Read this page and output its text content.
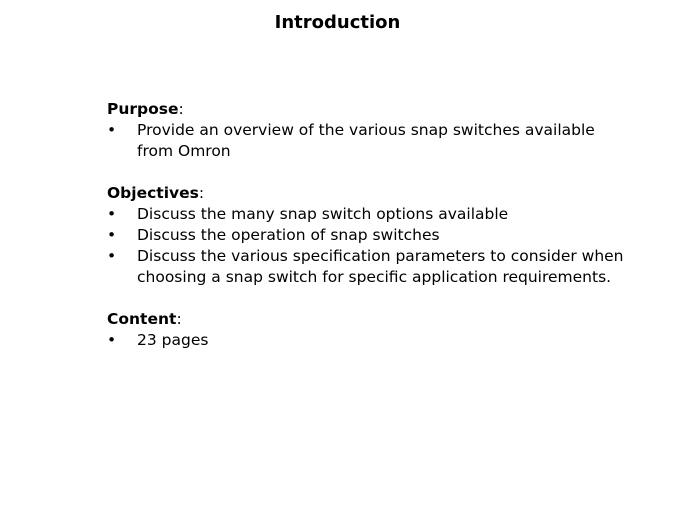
Introduction

Purpose:

• Provide an overview of the various snap switches available from Omron

Objectives:

• Discuss the many snap switch options available
• Discuss the operation of snap switches
• Discuss the various specification parameters to consider when choosing a snap switch for specific application requirements.

Content:

• 23 pages
